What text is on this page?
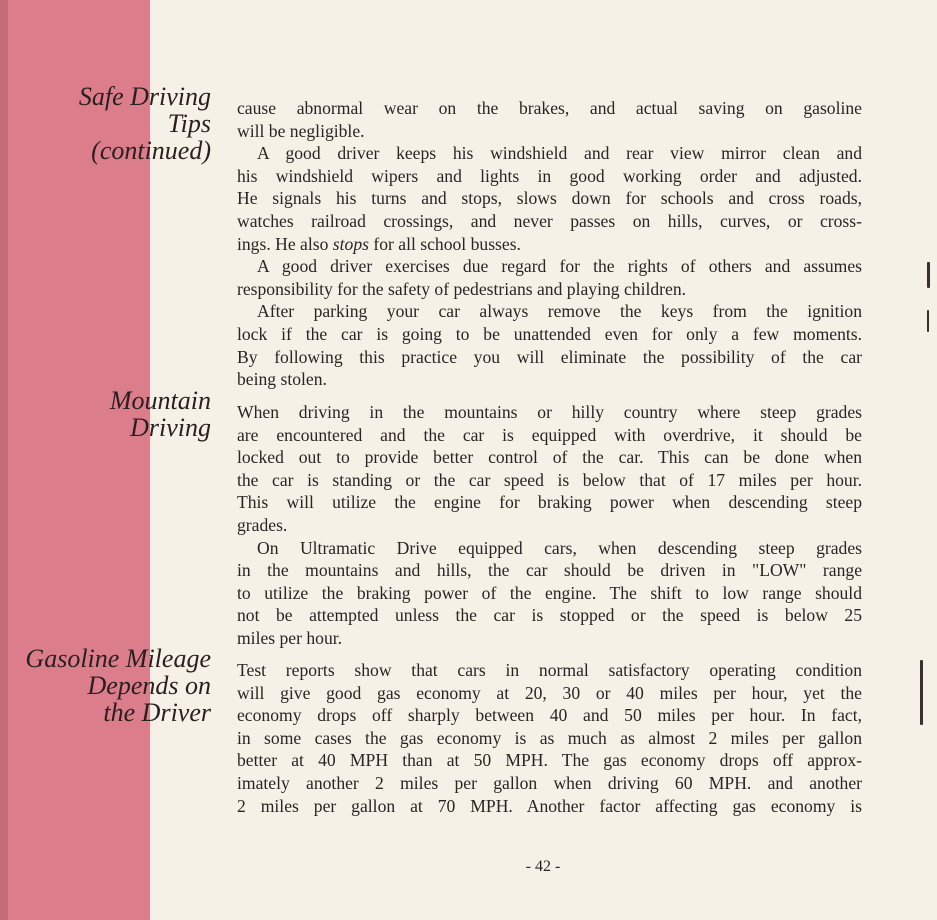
Safe Driving
Tips
(continued)
cause abnormal wear on the brakes, and actual saving on gasoline
will be negligible.
A good driver keeps his windshield and rear view mirror clean and
his windshield wipers and lights in good working order and adjusted.
He signals his turns and stops, slows down for schools and cross roads,
watches railroad crossings, and never passes on hills, curves, or cross-
ings. He also stops for all school busses.
A good driver exercises due regard for the rights of others and assumes
responsibility for the safety of pedestrians and playing children.
After parking your car always remove the keys from the ignition
lock if the car is going to be unattended even for only a few moments.
By following this practice you will eliminate the possibility of the car
being stolen.
Mountain
Driving
When driving in the mountains or hilly country where steep grades
are encountered and the car is equipped with overdrive, it should be
locked out to provide better control of the car. This can be done when
the car is standing or the car speed is below that of 17 miles per hour.
This will utilize the engine for braking power when descending steep
grades.
On Ultramatic Drive equipped cars, when descending steep grades
in the mountains and hills, the car should be driven in "LOW" range
to utilize the braking power of the engine. The shift to low range should
not be attempted unless the car is stopped or the speed is below 25
miles per hour.
Gasoline Mileage
Depends on
the Driver
Test reports show that cars in normal satisfactory operating condition
will give good gas economy at 20, 30 or 40 miles per hour, yet the
economy drops off sharply between 40 and 50 miles per hour. In fact,
in some cases the gas economy is as much as almost 2 miles per gallon
better at 40 MPH than at 50 MPH. The gas economy drops off approx-
imately another 2 miles per gallon when driving 60 MPH. and another
2 miles per gallon at 70 MPH. Another factor affecting gas economy is
- 42 -
